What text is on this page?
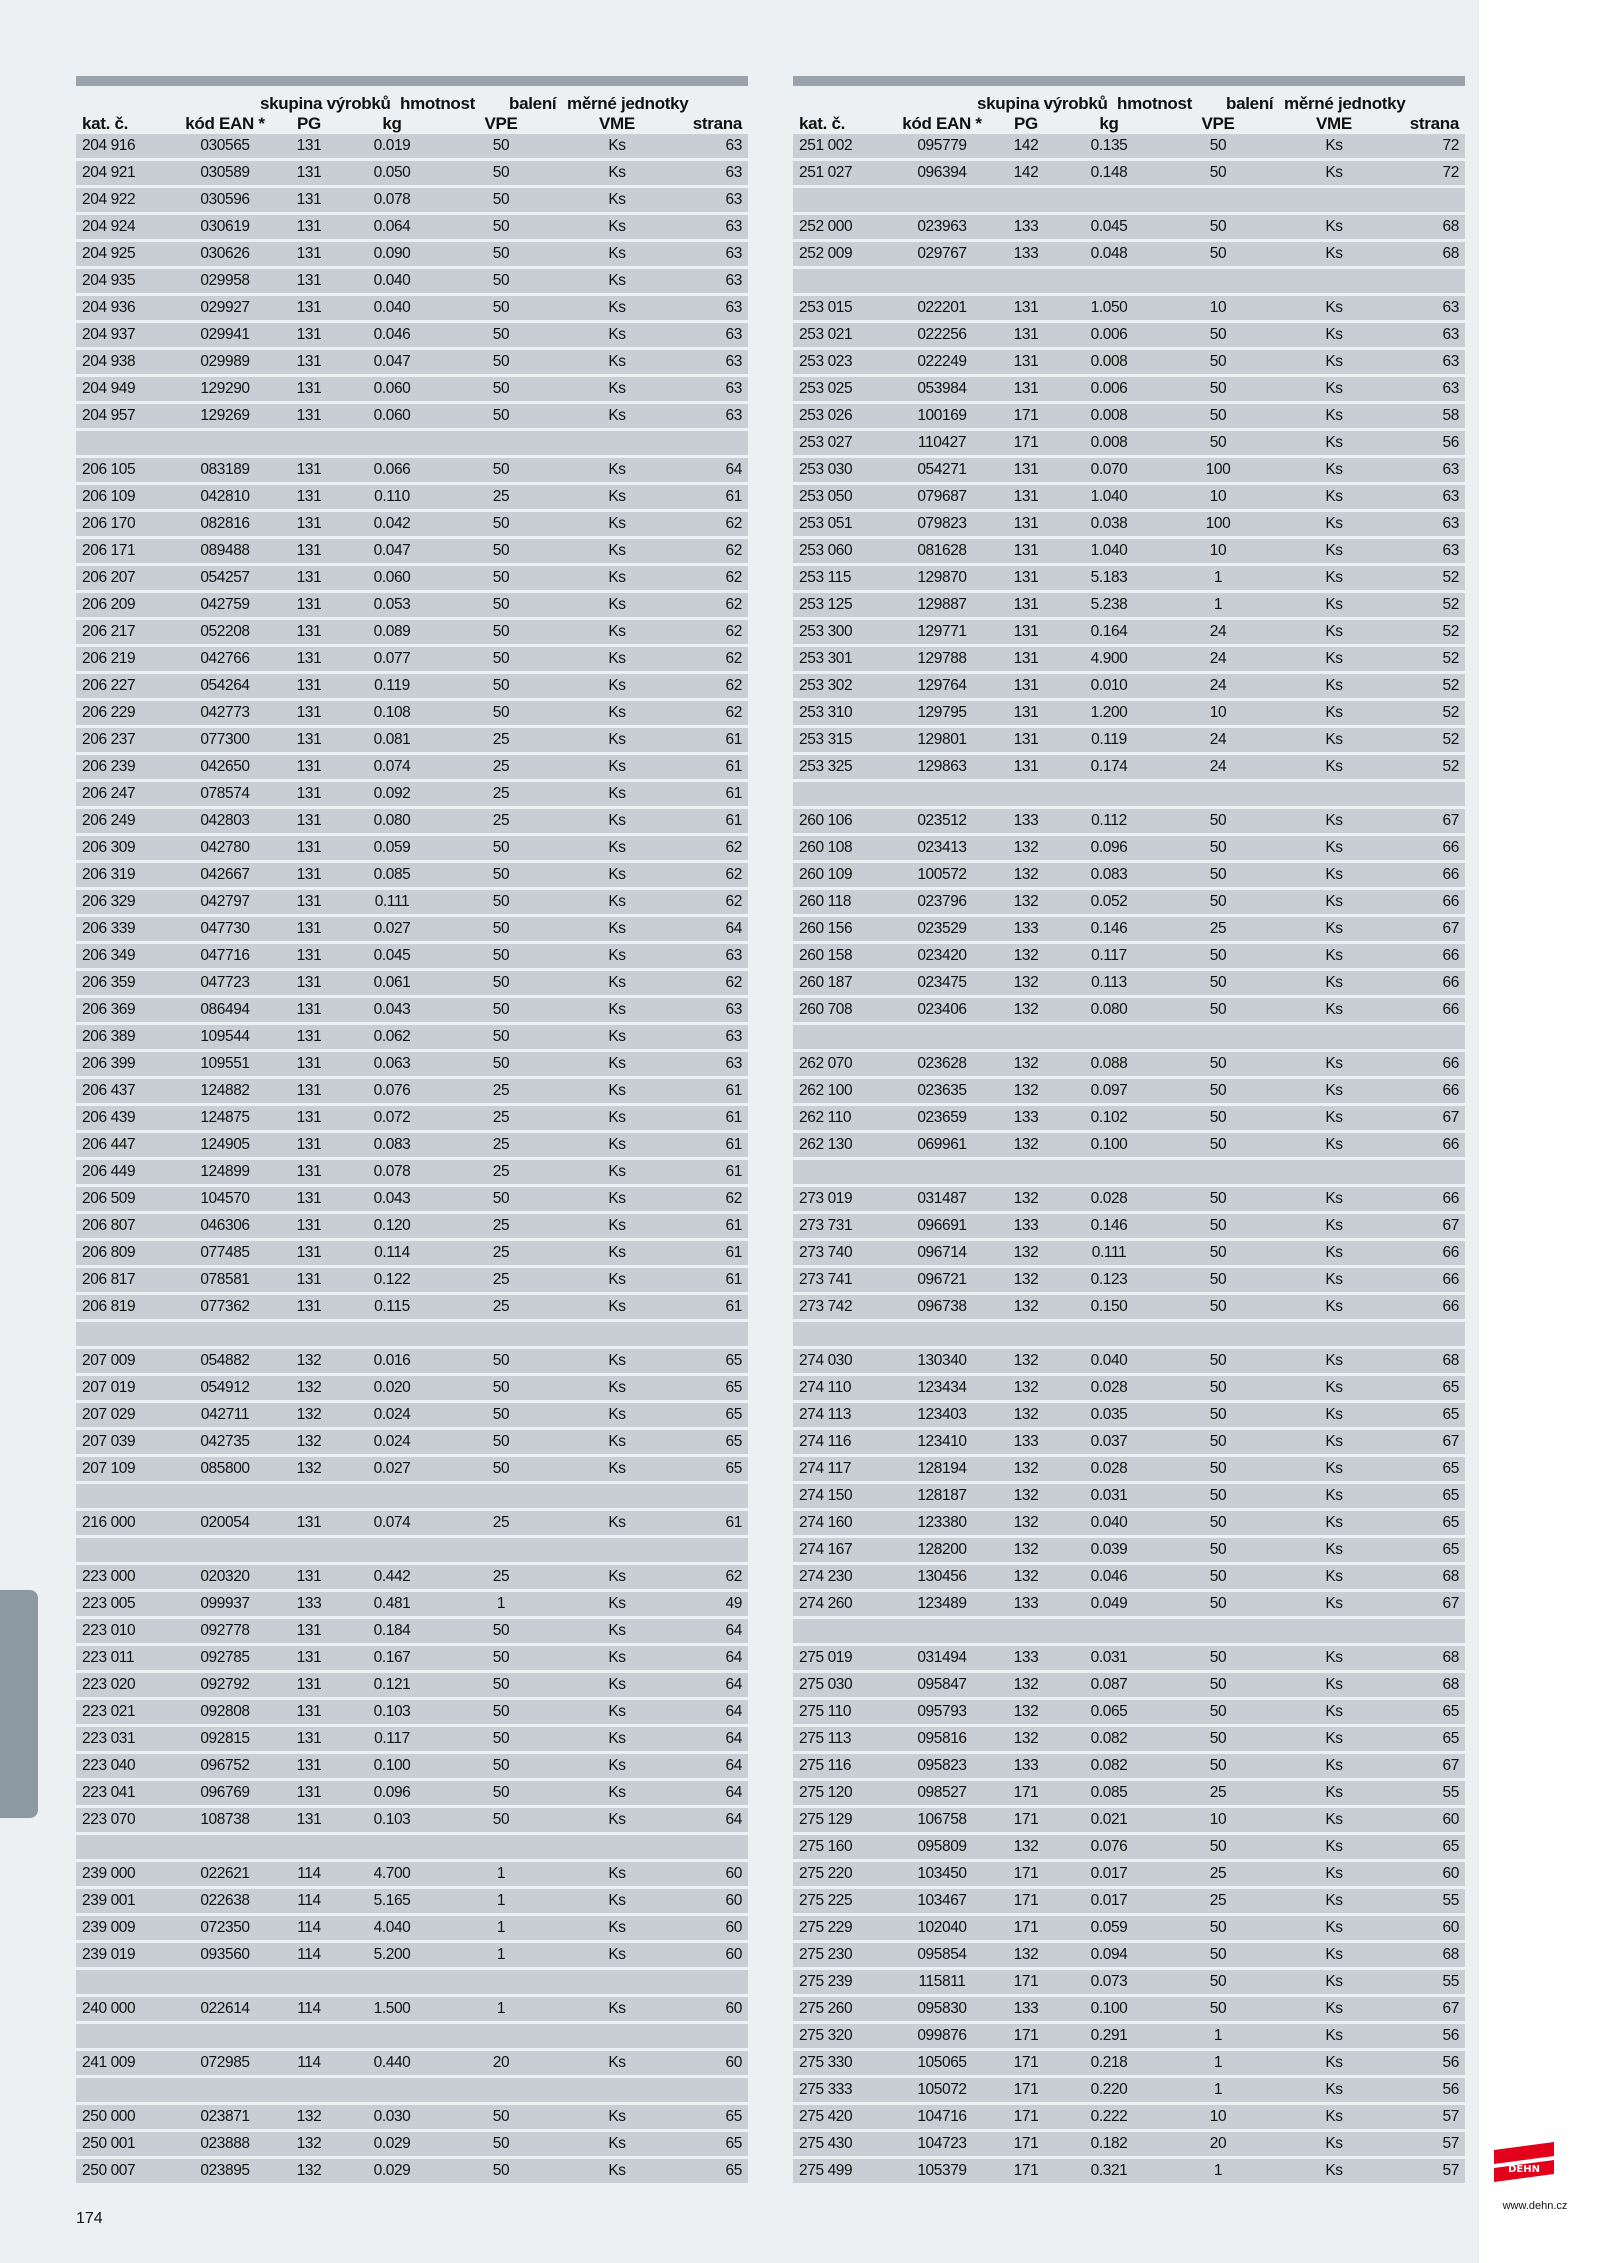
skupina výrobků hmotnost balení měrné jednotky
kat. č.	kód EAN *	PG	kg	VPE	VME	strana
204 916	030565	131	0.019	50	Ks	63
204 921	030589	131	0.050	50	Ks	63
204 922	030596	131	0.078	50	Ks	63
204 924	030619	131	0.064	50	Ks	63
204 925	030626	131	0.090	50	Ks	63
204 935	029958	131	0.040	50	Ks	63
204 936	029927	131	0.040	50	Ks	63
204 937	029941	131	0.046	50	Ks	63
204 938	029989	131	0.047	50	Ks	63
204 949	129290	131	0.060	50	Ks	63
204 957	129269	131	0.060	50	Ks	63
206 105	083189	131	0.066	50	Ks	64
206 109	042810	131	0.110	25	Ks	61
206 170	082816	131	0.042	50	Ks	62
206 171	089488	131	0.047	50	Ks	62
206 207	054257	131	0.060	50	Ks	62
206 209	042759	131	0.053	50	Ks	62
206 217	052208	131	0.089	50	Ks	62
206 219	042766	131	0.077	50	Ks	62
206 227	054264	131	0.119	50	Ks	62
206 229	042773	131	0.108	50	Ks	62
206 237	077300	131	0.081	25	Ks	61
206 239	042650	131	0.074	25	Ks	61
206 247	078574	131	0.092	25	Ks	61
206 249	042803	131	0.080	25	Ks	61
206 309	042780	131	0.059	50	Ks	62
206 319	042667	131	0.085	50	Ks	62
206 329	042797	131	0.111	50	Ks	62
206 339	047730	131	0.027	50	Ks	64
206 349	047716	131	0.045	50	Ks	63
206 359	047723	131	0.061	50	Ks	62
206 369	086494	131	0.043	50	Ks	63
206 389	109544	131	0.062	50	Ks	63
206 399	109551	131	0.063	50	Ks	63
206 437	124882	131	0.076	25	Ks	61
206 439	124875	131	0.072	25	Ks	61
206 447	124905	131	0.083	25	Ks	61
206 449	124899	131	0.078	25	Ks	61
206 509	104570	131	0.043	50	Ks	62
206 807	046306	131	0.120	25	Ks	61
206 809	077485	131	0.114	25	Ks	61
206 817	078581	131	0.122	25	Ks	61
206 819	077362	131	0.115	25	Ks	61
207 009	054882	132	0.016	50	Ks	65
207 019	054912	132	0.020	50	Ks	65
207 029	042711	132	0.024	50	Ks	65
207 039	042735	132	0.024	50	Ks	65
207 109	085800	132	0.027	50	Ks	65
216 000	020054	131	0.074	25	Ks	61
223 000	020320	131	0.442	25	Ks	62
223 005	099937	133	0.481	1	Ks	49
223 010	092778	131	0.184	50	Ks	64
223 011	092785	131	0.167	50	Ks	64
223 020	092792	131	0.121	50	Ks	64
223 021	092808	131	0.103	50	Ks	64
223 031	092815	131	0.117	50	Ks	64
223 040	096752	131	0.100	50	Ks	64
223 041	096769	131	0.096	50	Ks	64
223 070	108738	131	0.103	50	Ks	64
239 000	022621	114	4.700	1	Ks	60
239 001	022638	114	5.165	1	Ks	60
239 009	072350	114	4.040	1	Ks	60
239 019	093560	114	5.200	1	Ks	60
240 000	022614	114	1.500	1	Ks	60
241 009	072985	114	0.440	20	Ks	60
250 000	023871	132	0.030	50	Ks	65
250 001	023888	132	0.029	50	Ks	65
250 007	023895	132	0.029	50	Ks	65
skupina výrobků hmotnost balení měrné jednotky
kat. č.	kód EAN *	PG	kg	VPE	VME	strana
251 002	095779	142	0.135	50	Ks	72
251 027	096394	142	0.148	50	Ks	72
252 000	023963	133	0.045	50	Ks	68
252 009	029767	133	0.048	50	Ks	68
253 015	022201	131	1.050	10	Ks	63
253 021	022256	131	0.006	50	Ks	63
253 023	022249	131	0.008	50	Ks	63
253 025	053984	131	0.006	50	Ks	63
253 026	100169	171	0.008	50	Ks	58
253 027	110427	171	0.008	50	Ks	56
253 030	054271	131	0.070	100	Ks	63
253 050	079687	131	1.040	10	Ks	63
253 051	079823	131	0.038	100	Ks	63
253 060	081628	131	1.040	10	Ks	63
253 115	129870	131	5.183	1	Ks	52
253 125	129887	131	5.238	1	Ks	52
253 300	129771	131	0.164	24	Ks	52
253 301	129788	131	4.900	24	Ks	52
253 302	129764	131	0.010	24	Ks	52
253 310	129795	131	1.200	10	Ks	52
253 315	129801	131	0.119	24	Ks	52
253 325	129863	131	0.174	24	Ks	52
260 106	023512	133	0.112	50	Ks	67
260 108	023413	132	0.096	50	Ks	66
260 109	100572	132	0.083	50	Ks	66
260 118	023796	132	0.052	50	Ks	66
260 156	023529	133	0.146	25	Ks	67
260 158	023420	132	0.117	50	Ks	66
260 187	023475	132	0.113	50	Ks	66
260 708	023406	132	0.080	50	Ks	66
262 070	023628	132	0.088	50	Ks	66
262 100	023635	132	0.097	50	Ks	66
262 110	023659	133	0.102	50	Ks	67
262 130	069961	132	0.100	50	Ks	66
273 019	031487	132	0.028	50	Ks	66
273 731	096691	133	0.146	50	Ks	67
273 740	096714	132	0.111	50	Ks	66
273 741	096721	132	0.123	50	Ks	66
273 742	096738	132	0.150	50	Ks	66
274 030	130340	132	0.040	50	Ks	68
274 110	123434	132	0.028	50	Ks	65
274 113	123403	132	0.035	50	Ks	65
274 116	123410	133	0.037	50	Ks	67
274 117	128194	132	0.028	50	Ks	65
274 150	128187	132	0.031	50	Ks	65
274 160	123380	132	0.040	50	Ks	65
274 167	128200	132	0.039	50	Ks	65
274 230	130456	132	0.046	50	Ks	68
274 260	123489	133	0.049	50	Ks	67
275 019	031494	133	0.031	50	Ks	68
275 030	095847	132	0.087	50	Ks	68
275 110	095793	132	0.065	50	Ks	65
275 113	095816	132	0.082	50	Ks	65
275 116	095823	133	0.082	50	Ks	67
275 120	098527	171	0.085	25	Ks	55
275 129	106758	171	0.021	10	Ks	60
275 160	095809	132	0.076	50	Ks	65
275 220	103450	171	0.017	25	Ks	60
275 225	103467	171	0.017	25	Ks	55
275 229	102040	171	0.059	50	Ks	60
275 230	095854	132	0.094	50	Ks	68
275 239	115811	171	0.073	50	Ks	55
275 260	095830	133	0.100	50	Ks	67
275 320	099876	171	0.291	1	Ks	56
275 330	105065	171	0.218	1	Ks	56
275 333	105072	171	0.220	1	Ks	56
275 420	104716	171	0.222	10	Ks	57
275 430	104723	171	0.182	20	Ks	57
275 499	105379	171	0.321	1	Ks	57
174
DEHN
www.dehn.cz
